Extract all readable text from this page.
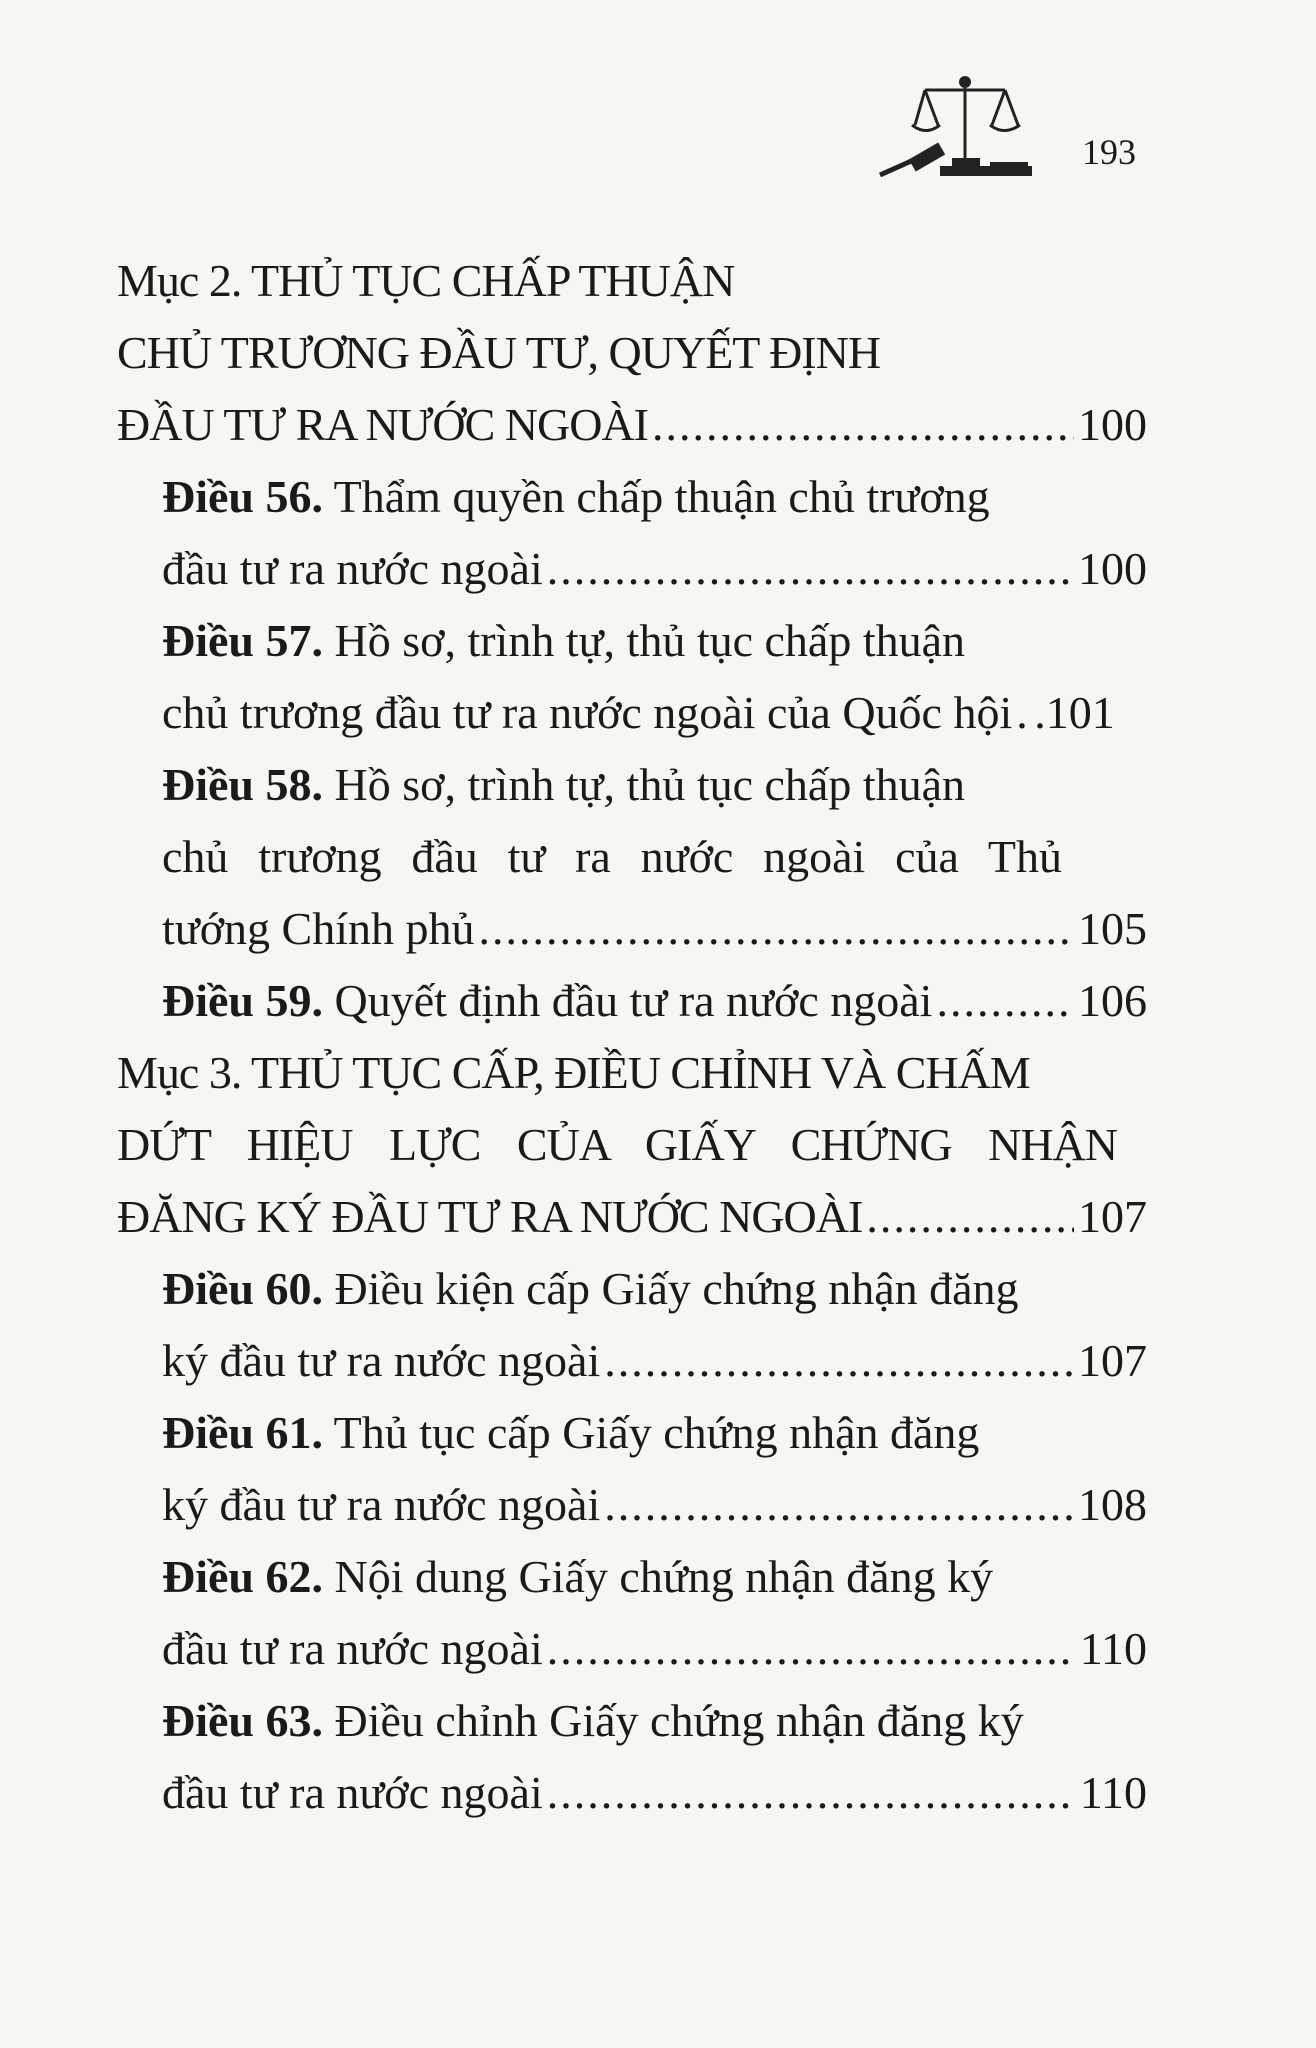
193
Mục 2. THỦ TỤC CHẤP THUẬN
CHỦ TRƯƠNG ĐẦU TƯ, QUYẾT ĐỊNH
ĐẦU TƯ RA NƯỚC NGOÀI .....	100
Điều 56. Thẩm quyền chấp thuận chủ trương
đầu tư ra nước ngoài .....	100
Điều 57. Hồ sơ, trình tự, thủ tục chấp thuận
chủ trương đầu tư ra nước ngoài của Quốc hội ..... .101
Điều 58. Hồ sơ, trình tự, thủ tục chấp thuận
chủ trương đầu tư ra nước ngoài của Thủ
tướng Chính phủ .....	105
Điều 59. Quyết định đầu tư ra nước ngoài .....	106
Mục 3. THỦ TỤC CẤP, ĐIỀU CHỈNH VÀ CHẤM
DỨT HIỆU LỰC CỦA GIẤY CHỨNG NHẬN
ĐĂNG KÝ ĐẦU TƯ RA NƯỚC NGOÀI .....	107
Điều 60. Điều kiện cấp Giấy chứng nhận đăng
ký đầu tư ra nước ngoài .....	107
Điều 61. Thủ tục cấp Giấy chứng nhận đăng
ký đầu tư ra nước ngoài .....	108
Điều 62. Nội dung Giấy chứng nhận đăng ký
đầu tư ra nước ngoài .....	110
Điều 63. Điều chỉnh Giấy chứng nhận đăng ký
đầu tư ra nước ngoài .....	110
